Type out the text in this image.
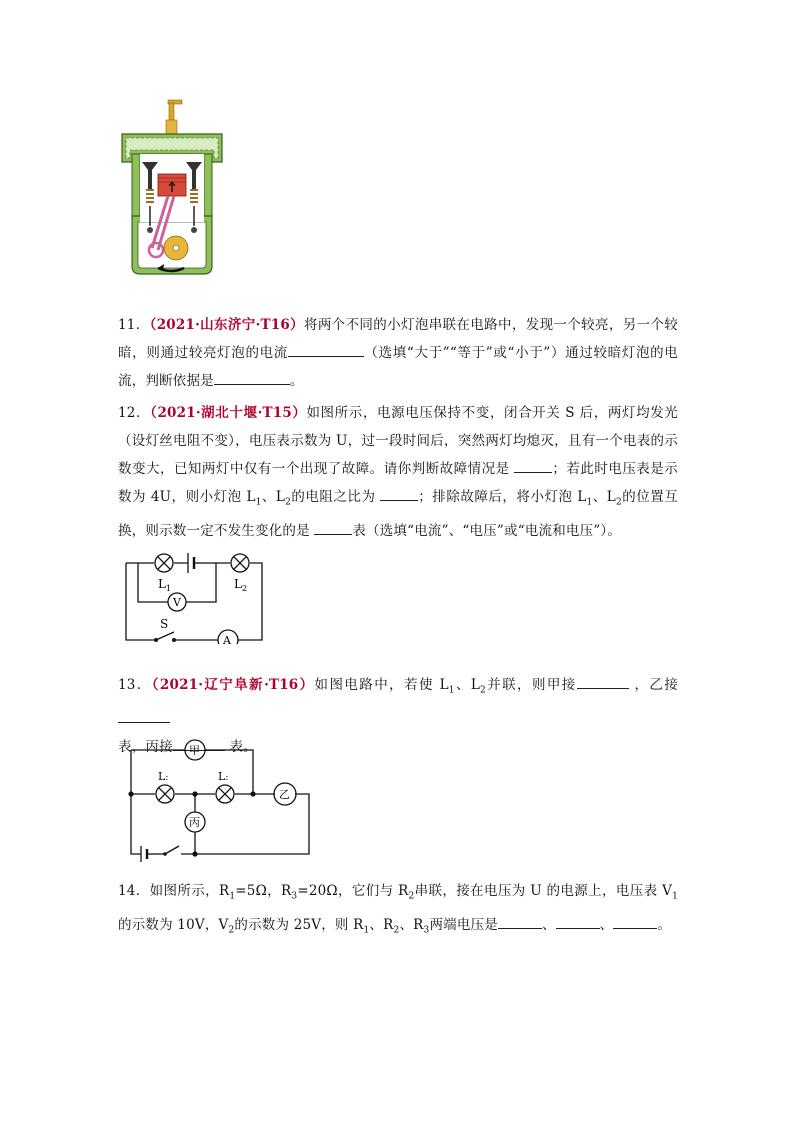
11．（2021·山东济宁·T16）将两个不同的小灯泡串联在电路中，发现一个较亮，另一个较暗，则通过较亮灯泡的电流	（选填“大于”“等于”或“小于”）通过较暗灯泡的电流，判断依据是	。
12．（2021·湖北十堰·T15）如图所示，电源电压保持不变，闭合开关 S 后，两灯均发光（设灯丝电阻不变），电压表示数为 U，过一段时间后，突然两灯均熄灭，且有一个电表的示数变大，已知两灯中仅有一个出现了故障。请你判断故障情况是	；若此时电压表是示数为 4U，则小灯泡 $L_1$、$L_2$的电阻之比为	；排除故障后，将小灯泡 $L_1$、$L_2$的位置互换，则示数一定不发生变化的是	表（选填“电流”、“电压”或“电流和电压”）。
$L_1$	$L_2$
V
A
S
13．（2021·辽宁阜新·T16）如图电路中，若使 $L_1$、$L_2$并联，则甲接	，乙接
表，丙接	表。
甲
乙
丙
L:	L:
14．如图所示，$R_1=5\Omega$，$R_3=20\Omega$，它们与 $R_2$串联，接在电压为 U 的电源上，电压表 $V_1$的示数为 10V，$V_2$的示数为 25V，则 $R_1$、$R_2$、$R_3$两端电压是	、	、	。
